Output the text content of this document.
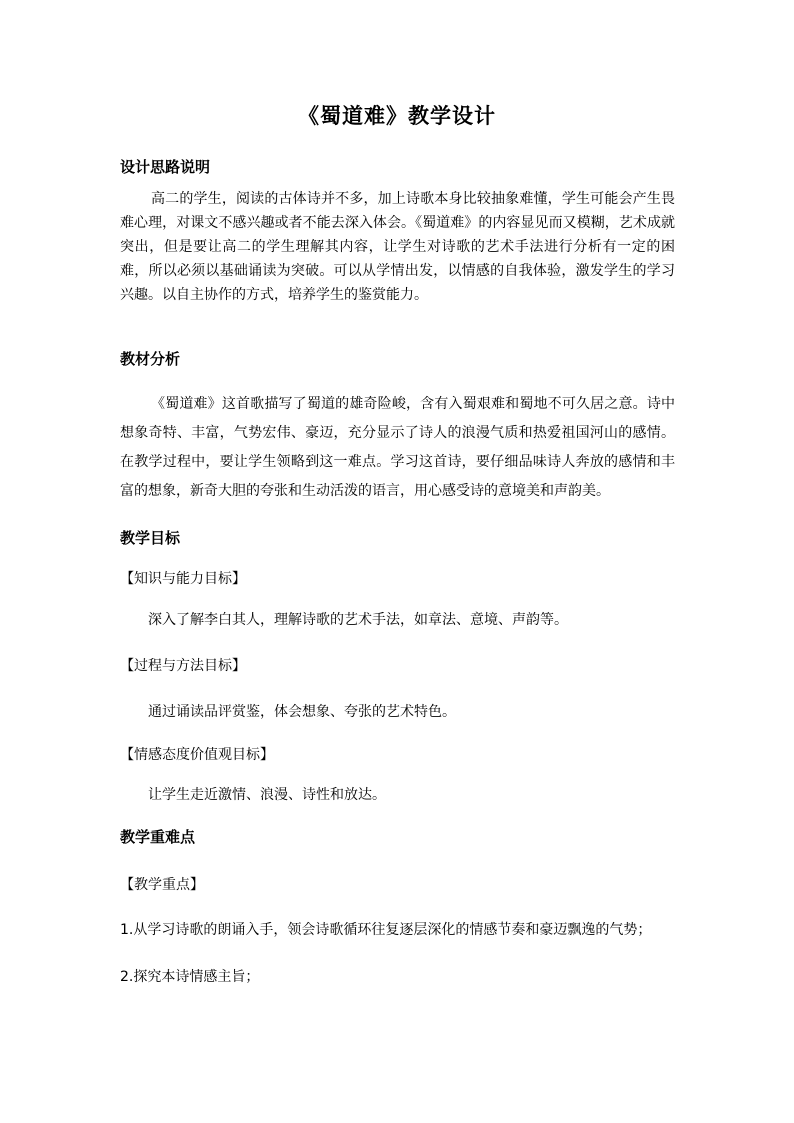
《蜀道难》教学设计
设计思路说明
高二的学生，阅读的古体诗并不多，加上诗歌本身比较抽象难懂，学生可能会产生畏难心理，对课文不感兴趣或者不能去深入体会。《蜀道难》的内容显见而又模糊，艺术成就突出，但是要让高二的学生理解其内容，让学生对诗歌的艺术手法进行分析有一定的困难，所以必须以基础诵读为突破。可以从学情出发，以情感的自我体验，激发学生的学习兴趣。以自主协作的方式，培养学生的鉴赏能力。
教材分析
《蜀道难》这首歌描写了蜀道的雄奇险峻，含有入蜀艰难和蜀地不可久居之意。诗中想象奇特、丰富，气势宏伟、豪迈，充分显示了诗人的浪漫气质和热爱祖国河山的感情。在教学过程中，要让学生领略到这一难点。学习这首诗，要仔细品味诗人奔放的感情和丰富的想象，新奇大胆的夸张和生动活泼的语言，用心感受诗的意境美和声韵美。
教学目标
【知识与能力目标】
深入了解李白其人，理解诗歌的艺术手法，如章法、意境、声韵等。
【过程与方法目标】
通过诵读品评赏鉴，体会想象、夸张的艺术特色。
【情感态度价值观目标】
让学生走近激情、浪漫、诗性和放达。
教学重难点
【教学重点】
1.从学习诗歌的朗诵入手，领会诗歌循环往复逐层深化的情感节奏和豪迈飘逸的气势；
2.探究本诗情感主旨；
